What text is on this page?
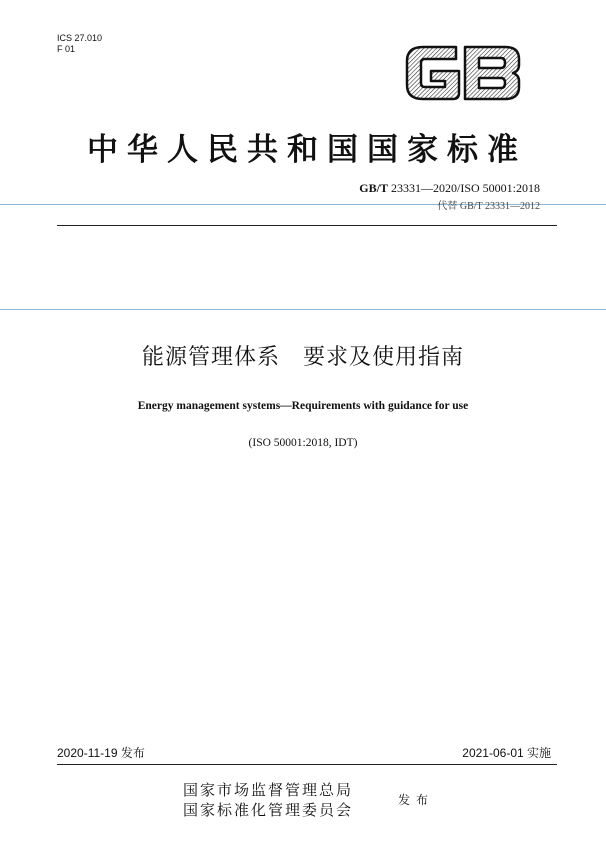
ICS 27.010
F 01
中华人民共和国国家标准
GB/T 23331—2020/ISO 50001:2018
代替 GB/T 23331—2012
能源管理体系　要求及使用指南
Energy management systems—Requirements with guidance for use
(ISO 50001:2018, IDT)
2020-11-19 发布	2021-06-01 实施
国家市场监督管理总局
国家标准化管理委员会
发布
